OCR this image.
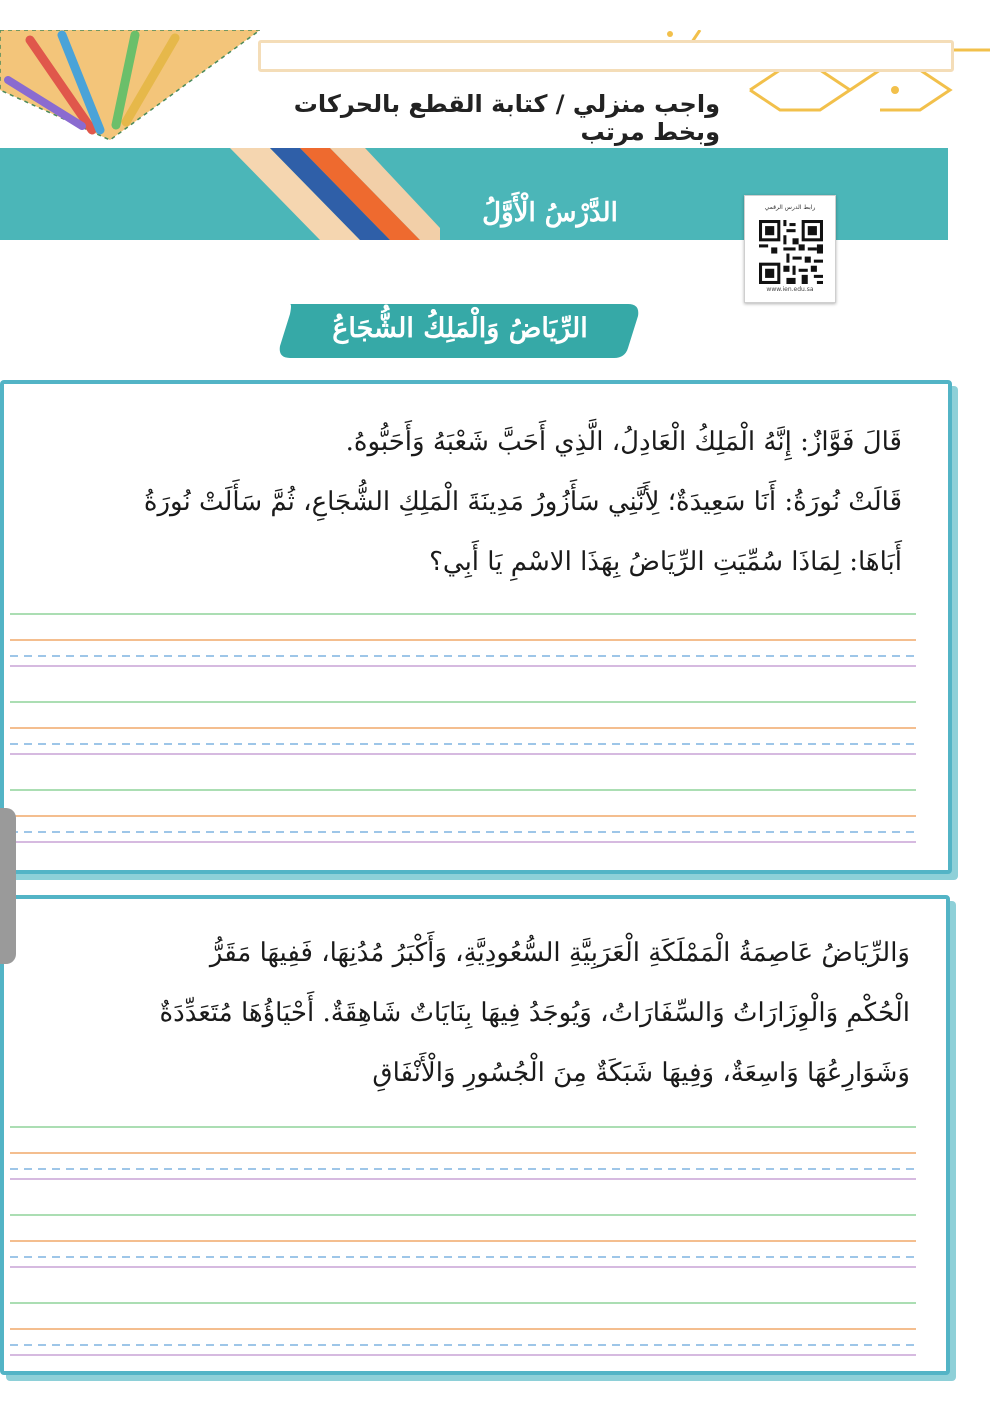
واجب منزلي / كتابة القطع بالحركات وبخط مرتب
الدَّرْسُ الْأَوَّلُ	رابط الدرس الرقمي
www.ien.edu.sa
الرِّيَاضُ وَالْمَلِكُ الشُّجَاعُ
قَالَ فَوَّازٌ: إِنَّهُ الْمَلِكُ الْعَادِلُ، الَّذِي أَحَبَّ شَعْبَهُ وَأَحَبُّوهُ.
قَالَتْ نُورَةُ: أَنَا سَعِيدَةٌ؛ لِأَنَّنِي سَأَزُورُ مَدِينَةَ الْمَلِكِ الشُّجَاعِ، ثُمَّ سَأَلَتْ نُورَةُ
أَبَاهَا: لِمَاذَا سُمِّيَتِ الرِّيَاضُ بِهَذَا الاسْمِ يَا أَبِي؟
وَالرِّيَاضُ عَاصِمَةُ الْمَمْلَكَةِ الْعَرَبِيَّةِ السُّعُودِيَّةِ، وَأَكْبَرُ مُدُنِهَا، فَفِيهَا مَقَرُّ
الْحُكْمِ وَالْوِزَارَاتُ وَالسِّفَارَاتُ، وَيُوجَدُ فِيهَا بِنَايَاتٌ شَاهِقَةٌ. أَحْيَاؤُهَا مُتَعَدِّدَةٌ
وَشَوَارِعُهَا وَاسِعَةٌ، وَفِيهَا شَبَكَةٌ مِنَ الْجُسُورِ وَالْأَنْفَاقِ
